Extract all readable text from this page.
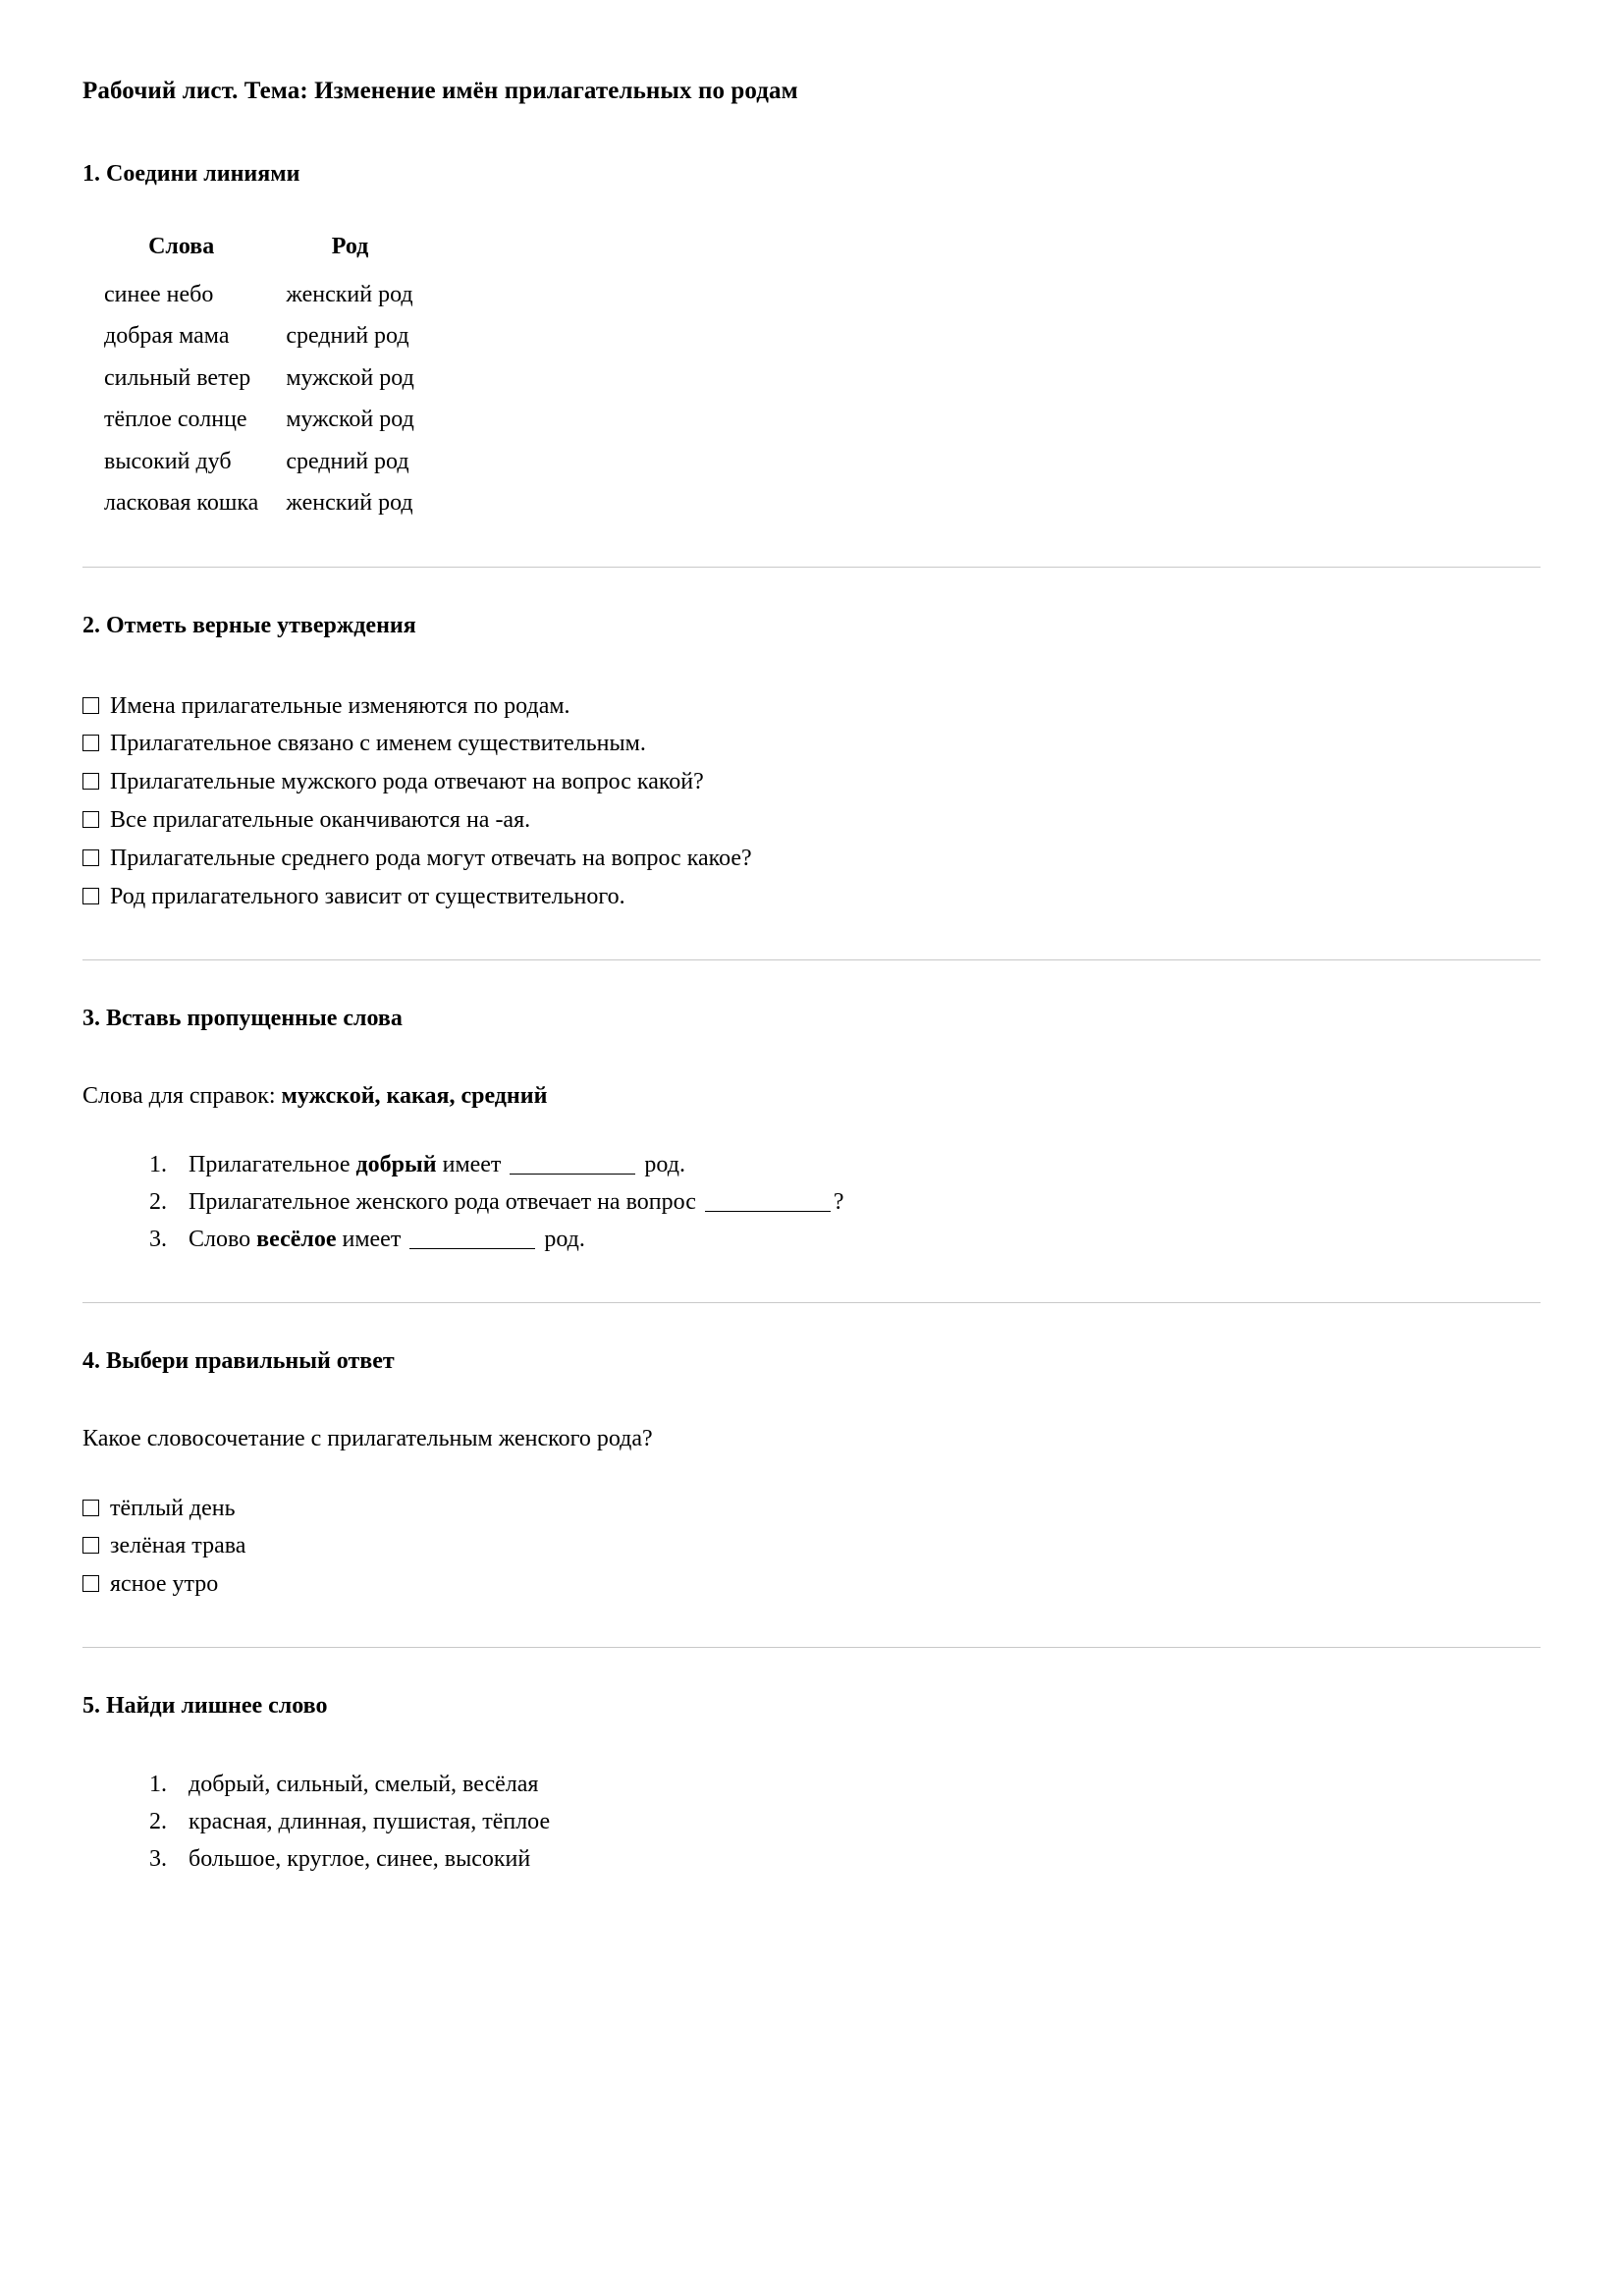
Рабочий лист. Тема: Изменение имён прилагательных по родам
1. Соедини линиями
Слова	Род
синее небо	женский род
добрая мама	средний род
сильный ветер	мужской род
тёплое солнце	мужской род
высокий дуб	средний род
ласковая кошка	женский род
2. Отметь верные утверждения
Имена прилагательные изменяются по родам.
Прилагательное связано с именем существительным.
Прилагательные мужского рода отвечают на вопрос какой?
Все прилагательные оканчиваются на -ая.
Прилагательные среднего рода могут отвечать на вопрос какое?
Род прилагательного зависит от существительного.
3. Вставь пропущенные слова

Слова для справок: мужской, какая, средний

1. Прилагательное добрый имеет	род.
2. Прилагательное женского рода отвечает на вопрос	?
3. Слово весёлое имеет	род.
4. Выбери правильный ответ

Какое словосочетание с прилагательным женского рода?

тёплый день
зелёная трава
ясное утро
5. Найди лишнее слово
1. добрый, сильный, смелый, весёлая
2. красная, длинная, пушистая, тёплое
3. большое, круглое, синее, высокий
